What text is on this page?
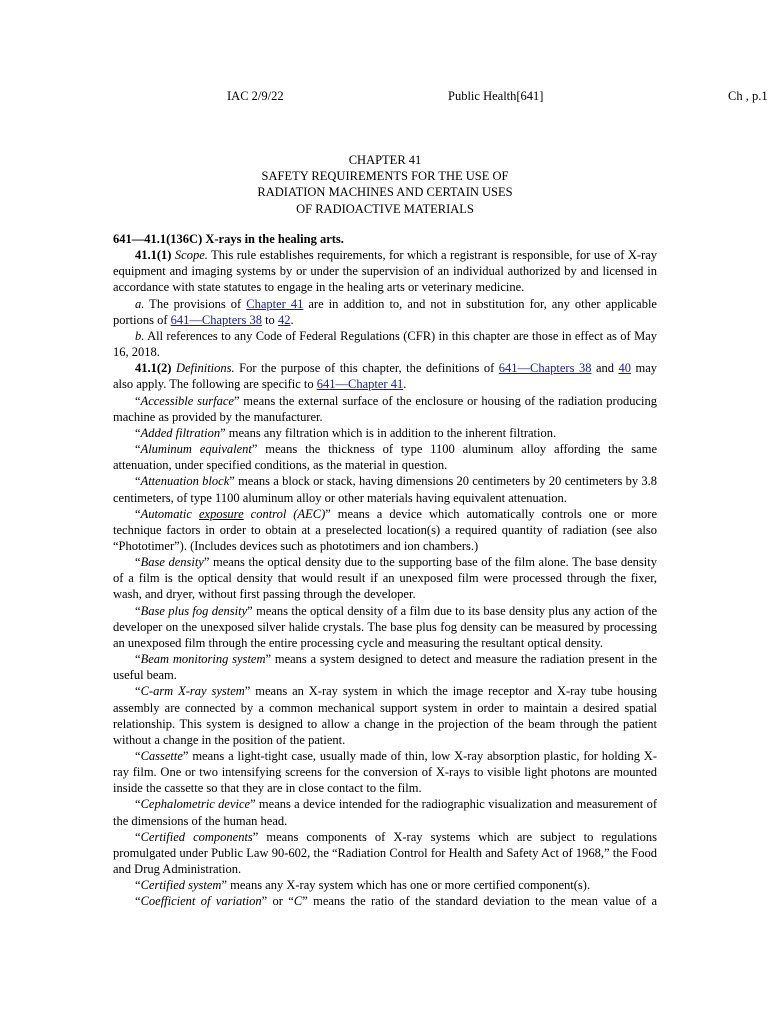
IAC 2/9/22	Public Health[641]	Ch , p.1
CHAPTER 41
SAFETY REQUIREMENTS FOR THE USE OF
RADIATION MACHINES AND CERTAIN USES
OF RADIOACTIVE MATERIALS

641—41.1(136C) X-rays in the healing arts.

41.1(1) Scope. This rule establishes requirements, for which a registrant is responsible, for use of X-ray equipment and imaging systems by or under the supervision of an individual authorized by and licensed in accordance with state statutes to engage in the healing arts or veterinary medicine.

a. The provisions of Chapter 41 are in addition to, and not in substitution for, any other applicable portions of 641—Chapters 38 to 42.

b. All references to any Code of Federal Regulations (CFR) in this chapter are those in effect as of May 16, 2018.

41.1(2) Definitions. For the purpose of this chapter, the definitions of 641—Chapters 38 and 40 may also apply. The following are specific to 641—Chapter 41.

“Accessible surface” means the external surface of the enclosure or housing of the radiation producing machine as provided by the manufacturer.

“Added filtration” means any filtration which is in addition to the inherent filtration.

“Aluminum equivalent” means the thickness of type 1100 aluminum alloy affording the same attenuation, under specified conditions, as the material in question.

“Attenuation block” means a block or stack, having dimensions 20 centimeters by 20 centimeters by 3.8 centimeters, of type 1100 aluminum alloy or other materials having equivalent attenuation.

“Automatic exposure control (AEC)” means a device which automatically controls one or more technique factors in order to obtain at a preselected location(s) a required quantity of radiation (see also “Phototimer”). (Includes devices such as phototimers and ion chambers.)

“Base density” means the optical density due to the supporting base of the film alone. The base density of a film is the optical density that would result if an unexposed film were processed through the fixer, wash, and dryer, without first passing through the developer.

“Base plus fog density” means the optical density of a film due to its base density plus any action of the developer on the unexposed silver halide crystals. The base plus fog density can be measured by processing an unexposed film through the entire processing cycle and measuring the resultant optical density.

“Beam monitoring system” means a system designed to detect and measure the radiation present in the useful beam.

“C-arm X-ray system” means an X-ray system in which the image receptor and X-ray tube housing assembly are connected by a common mechanical support system in order to maintain a desired spatial relationship. This system is designed to allow a change in the projection of the beam through the patient without a change in the position of the patient.

“Cassette” means a light-tight case, usually made of thin, low X-ray absorption plastic, for holding X-ray film. One or two intensifying screens for the conversion of X-rays to visible light photons are mounted inside the cassette so that they are in close contact to the film.

“Cephalometric device” means a device intended for the radiographic visualization and measurement of the dimensions of the human head.

“Certified components” means components of X-ray systems which are subject to regulations promulgated under Public Law 90-602, the “Radiation Control for Health and Safety Act of 1968,” the Food and Drug Administration.

“Certified system” means any X-ray system which has one or more certified component(s).

“Coefficient of variation” or “C” means the ratio of the standard deviation to the mean value of a
